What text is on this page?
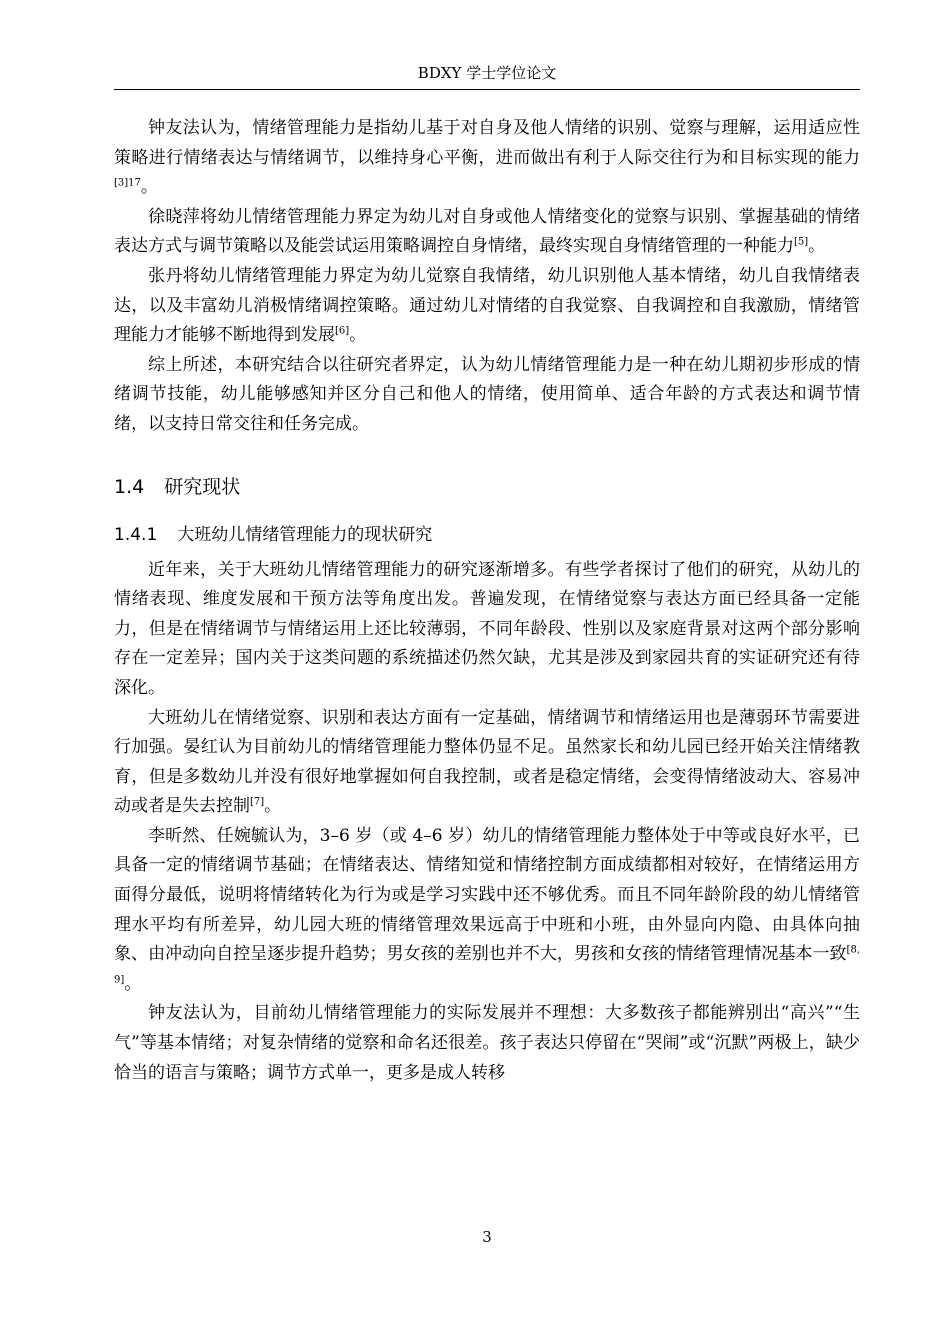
BDXY 学士学位论文

钟友法认为，情绪管理能力是指幼儿基于对自身及他人情绪的识别、觉察与理解，运用适应性策略进行情绪表达与情绪调节，以维持身心平衡，进而做出有利于人际交往行为和目标实现的能力$^{[3]17}$。

徐晓萍将幼儿情绪管理能力界定为幼儿对自身或他人情绪变化的觉察与识别、掌握基础的情绪表达方式与调节策略以及能尝试运用策略调控自身情绪，最终实现自身情绪管理的一种能力[5]。

张丹将幼儿情绪管理能力界定为幼儿觉察自我情绪，幼儿识别他人基本情绪，幼儿自我情绪表达，以及丰富幼儿消极情绪调控策略。通过幼儿对情绪的自我觉察、自我调控和自我激励，情绪管理能力才能够不断地得到发展[6]。

综上所述，本研究结合以往研究者界定，认为幼儿情绪管理能力是一种在幼儿期初步形成的情绪调节技能，幼儿能够感知并区分自己和他人的情绪，使用简单、适合年龄的方式表达和调节情绪，以支持日常交往和任务完成。

1.4 研究现状
1.4.1 大班幼儿情绪管理能力的现状研究

近年来，关于大班幼儿情绪管理能力的研究逐渐增多。有些学者探讨了他们的研究，从幼儿的情绪表现、维度发展和干预方法等角度出发。普遍发现，在情绪觉察与表达方面已经具备一定能力，但是在情绪调节与情绪运用上还比较薄弱，不同年龄段、性别以及家庭背景对这两个部分影响存在一定差异；国内关于这类问题的系统描述仍然欠缺，尤其是涉及到家园共育的实证研究还有待深化。

大班幼儿在情绪觉察、识别和表达方面有一定基础，情绪调节和情绪运用也是薄弱环节需要进行加强。晏红认为目前幼儿的情绪管理能力整体仍显不足。虽然家长和幼儿园已经开始关注情绪教育，但是多数幼儿并没有很好地掌握如何自我控制，或者是稳定情绪，会变得情绪波动大、容易冲动或者是失去控制[7]。

李昕然、任婉毓认为，3–6 岁（或 4–6 岁）幼儿的情绪管理能力整体处于中等或良好水平，已具备一定的情绪调节基础；在情绪表达、情绪知觉和情绪控制方面成绩都相对较好，在情绪运用方面得分最低，说明将情绪转化为行为或是学习实践中还不够优秀。而且不同年龄阶段的幼儿情绪管理水平均有所差异，幼儿园大班的情绪管理效果远高于中班和小班，由外显向内隐、由具体向抽象、由冲动向自控呈逐步提升趋势；男女孩的差别也并不大，男孩和女孩的情绪管理情况基本一致[8, 9]。

钟友法认为，目前幼儿情绪管理能力的实际发展并不理想：大多数孩子都能辨别出“高兴”“生气”等基本情绪；对复杂情绪的觉察和命名还很差。孩子表达只停留在“哭闹”或“沉默”两极上，缺少恰当的语言与策略；调节方式单一，更多是成人转移

3
